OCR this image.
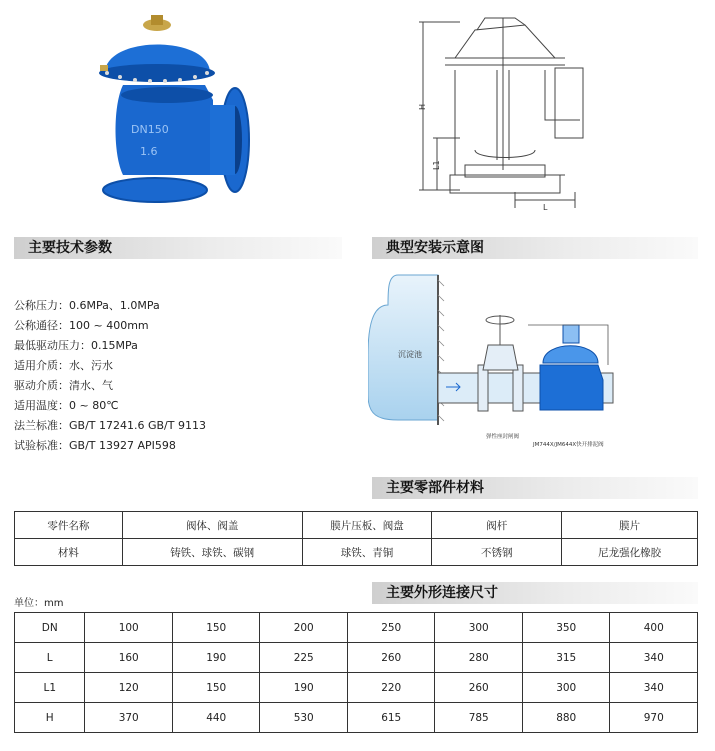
DN150
1.6
H
L1
L
主要技术参数	典型安装示意图
公称压力：0.6MPa、1.0MPa
公称通径：100 ~ 400mm
最低驱动压力：0.15MPa
适用介质：水、污水
驱动介质：清水、气
适用温度：0 ~ 80℃
法兰标准：GB/T 17241.6 GB/T 9113
试验标准：GB/T 13927 API598
沉淀池
弹性座封闸阀
JM744X/JM644X快开排泥阀
主要零部件材料
零件名称	阀体、阀盖	膜片压板、阀盘	阀杆	膜片
材料	铸铁、球铁、碳钢	球铁、青铜	不锈钢	尼龙强化橡胶
主要外形连接尺寸
单位：mm
DN	100	150	200	250	300	350	400
L	160	190	225	260	280	315	340
L1	120	150	190	220	260	300	340
H	370	440	530	615	785	880	970
